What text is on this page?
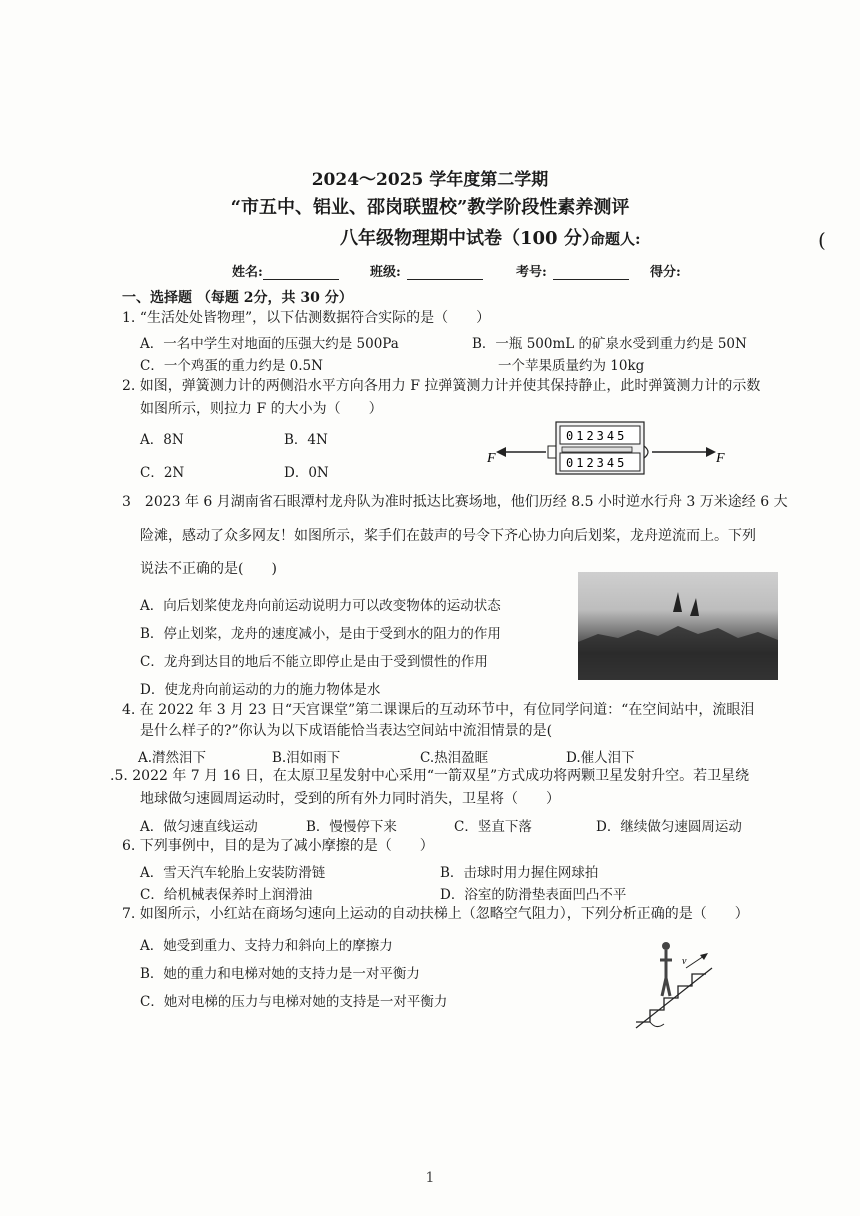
2024～2025 学年度第二学期
“市五中、铝业、邵岗联盟校”教学阶段性素养测评
八年级物理期中试卷（100 分）
命题人:	(
姓名:	班级:	考号:	得分:
一、选择题 （每题 2分，共 30 分）
1. “生活处处皆物理”，以下估测数据符合实际的是（　　）
A．一名中学生对地面的压强大约是 500Pa	B．一瓶 500mL 的矿泉水受到重力约是 50N
C．一个鸡蛋的重力约是 0.5N	一个苹果质量约为 10kg
2. 如图，弹簧测力计的两侧沿水平方向各用力 F 拉弹簧测力计并使其保持静止，此时弹簧测力计的示数
如图所示，则拉力 F 的大小为（　　）
A．8N	B．4N
C．2N	D．0N
F
012345
012345	F
3　2023 年 6 月湖南省石眼潭村龙舟队为准时抵达比赛场地，他们历经 8.5 小时逆水行舟 3 万米途经 6 大
险滩，感动了众多网友！如图所示，桨手们在鼓声的号令下齐心协力向后划桨，龙舟逆流而上。下列
说法不正确的是(　　)
A．向后划桨使龙舟向前运动说明力可以改变物体的运动状态
B．停止划桨，龙舟的速度减小，是由于受到水的阻力的作用
C．龙舟到达目的地后不能立即停止是由于受到惯性的作用
D．使龙舟向前运动的力的施力物体是水
4. 在 2022 年 3 月 23 日“天宫课堂”第二课课后的互动环节中，有位同学问道：“在空间站中，流眼泪
是什么样子的?”你认为以下成语能恰当表达空间站中流泪情景的是(
A.潸然泪下	B.泪如雨下	C.热泪盈眶	D.催人泪下
.5. 2022 年 7 月 16 日，在太原卫星发射中心采用“一箭双星”方式成功将两颗卫星发射升空。若卫星绕
地球做匀速圆周运动时，受到的所有外力同时消失，卫星将（　　）
A．做匀速直线运动	B．慢慢停下来	C．竖直下落	D．继续做匀速圆周运动
6. 下列事例中，目的是为了减小摩擦的是（　　）
A．雪天汽车轮胎上安装防滑链	B．击球时用力握住网球拍
C．给机械表保养时上润滑油	D．浴室的防滑垫表面凹凸不平
7. 如图所示，小红站在商场匀速向上运动的自动扶梯上（忽略空气阻力），下列分析正确的是（　　）
A．她受到重力、支持力和斜向上的摩擦力
B．她的重力和电梯对她的支持力是一对平衡力
C．她对电梯的压力与电梯对她的支持是一对平衡力
v
1
